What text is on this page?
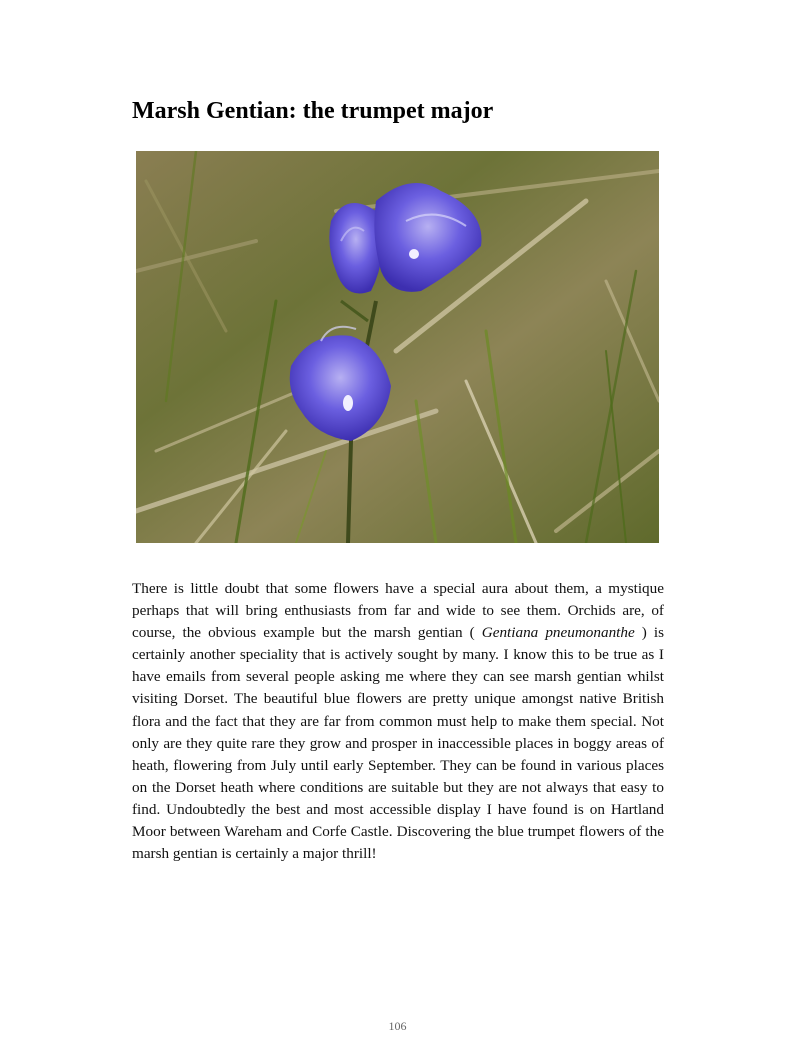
Marsh Gentian: the trumpet major

There is little doubt that some flowers have a special aura about them, a mystique perhaps that will bring enthusiasts from far and wide to see them. Orchids are, of course, the obvious example but the marsh gentian ( Gentiana pneumonanthe ) is certainly another speciality that is actively sought by many. I know this to be true as I have emails from several people asking me where they can see marsh gentian whilst visiting Dorset. The beautiful blue flowers are pretty unique amongst native British flora and the fact that they are far from common must help to make them special. Not only are they quite rare they grow and prosper in inaccessible places in boggy areas of heath, flowering from July until early September. They can be found in various places on the Dorset heath where conditions are suitable but they are not always that easy to find. Undoubtedly the best and most accessible display I have found is on Hartland Moor between Wareham and Corfe Castle. Discovering the blue trumpet flowers of the marsh gentian is certainly a major thrill!

106
